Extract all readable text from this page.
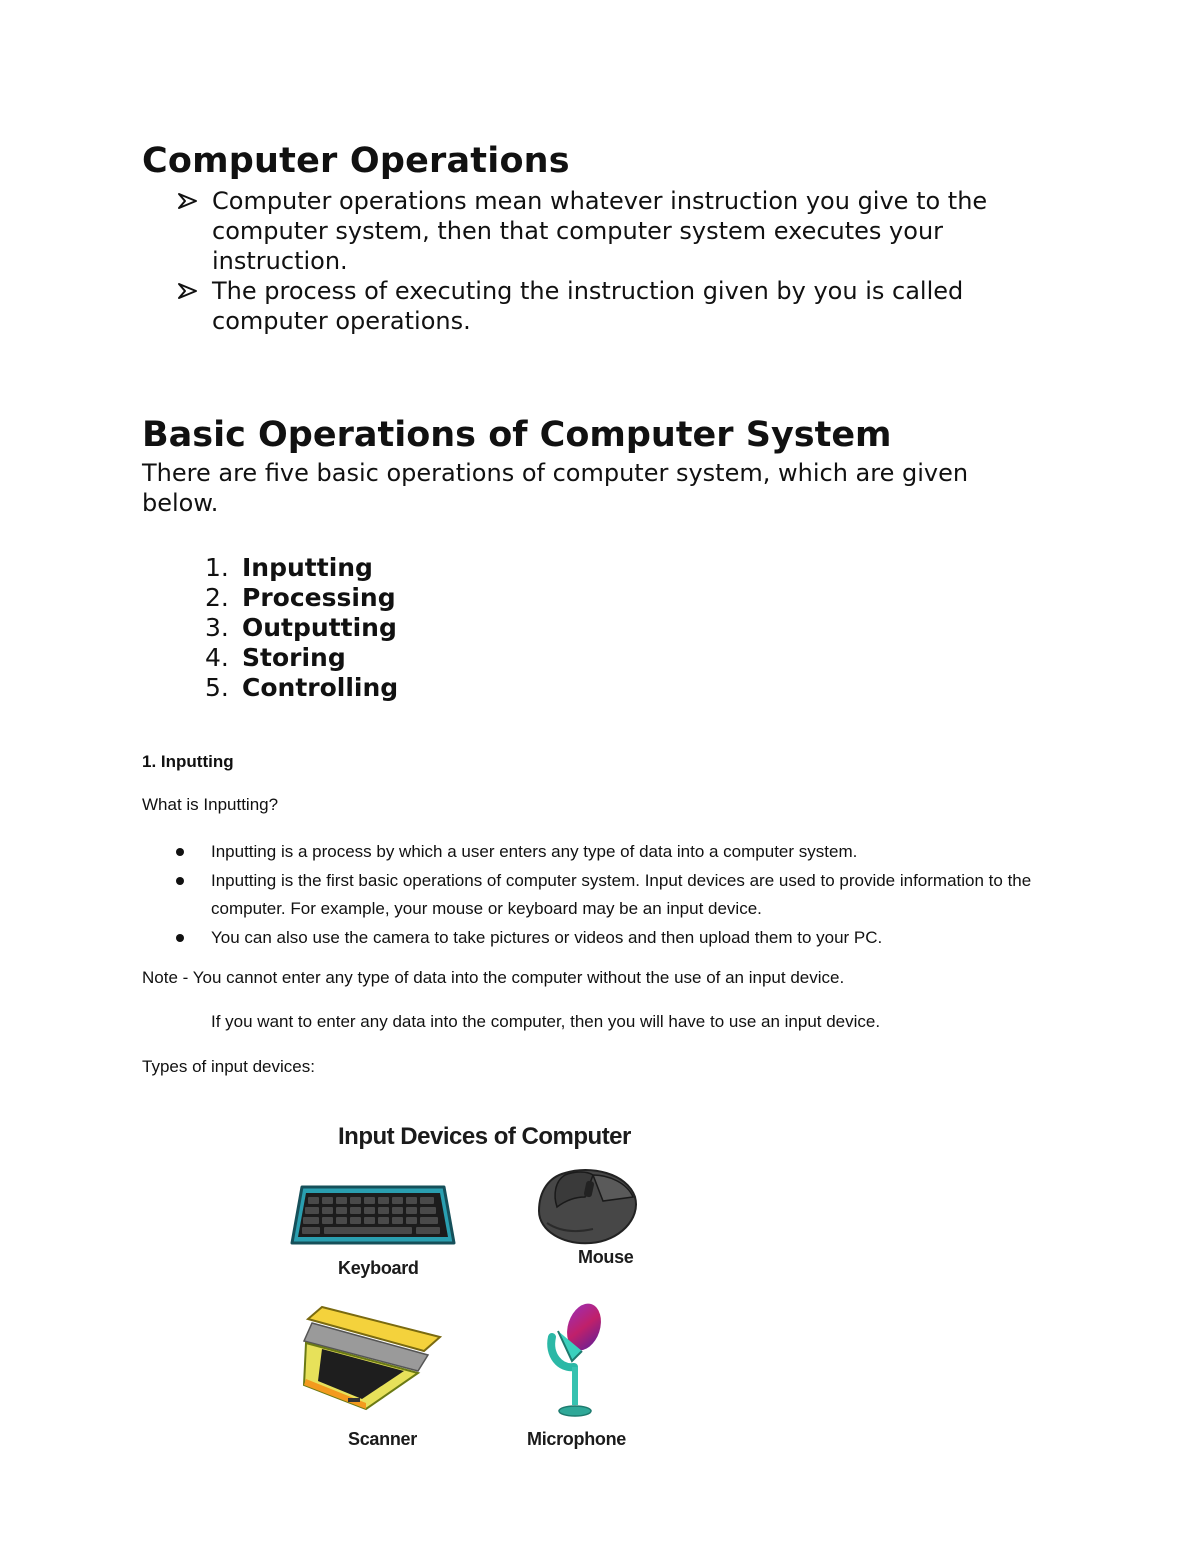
Computer Operations
Computer operations mean whatever instruction you give to the computer system, then that computer system executes your instruction.
The process of executing the instruction given by you is called computer operations.
Basic Operations of Computer System

There are five basic operations of computer system, which are given below.

1. Inputting
2. Processing
3. Outputting
4. Storing
5. Controlling

1. Inputting

What is Inputting?

Inputting is a process by which a user enters any type of data into a computer system.
Inputting is the first basic operations of computer system. Input devices are used to provide information to the computer. For example, your mouse or keyboard may be an input device.
You can also use the camera to take pictures or videos and then upload them to your PC.

Note - You cannot enter any type of data into the computer without the use of an input device.

If you want to enter any data into the computer, then you will have to use an input device.

Types of input devices:

Input Devices of Computer
Keyboard
Mouse
Scanner	Microphone
